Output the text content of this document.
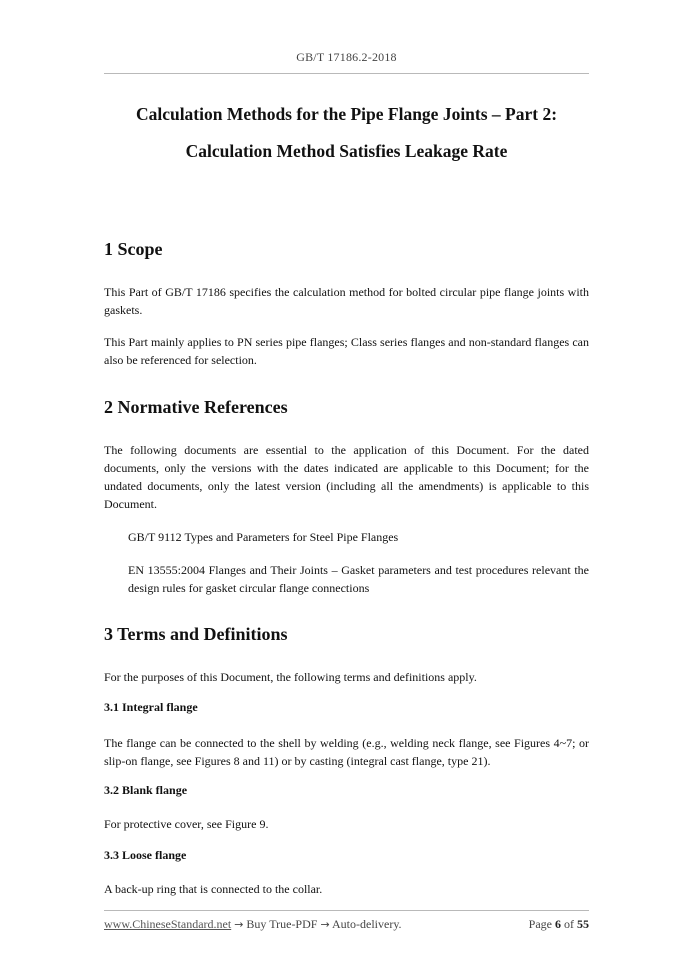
GB/T 17186.2-2018
Calculation Methods for the Pipe Flange Joints – Part 2:
Calculation Method Satisfies Leakage Rate
1 Scope

This Part of GB/T 17186 specifies the calculation method for bolted circular pipe flange joints with gaskets.

This Part mainly applies to PN series pipe flanges; Class series flanges and non-standard flanges can also be referenced for selection.

2 Normative References

The following documents are essential to the application of this Document. For the dated documents, only the versions with the dates indicated are applicable to this Document; for the undated documents, only the latest version (including all the amendments) is applicable to this Document.

GB/T 9112 Types and Parameters for Steel Pipe Flanges

EN 13555:2004 Flanges and Their Joints – Gasket parameters and test procedures relevant the design rules for gasket circular flange connections

3 Terms and Definitions

For the purposes of this Document, the following terms and definitions apply.

3.1 Integral flange

The flange can be connected to the shell by welding (e.g., welding neck flange, see Figures 4~7; or slip-on flange, see Figures 8 and 11) or by casting (integral cast flange, type 21).

3.2 Blank flange

For protective cover, see Figure 9.

3.3 Loose flange

A back-up ring that is connected to the collar.

www.ChineseStandard.net → Buy True-PDF → Auto-delivery.	Page 6 of 55
